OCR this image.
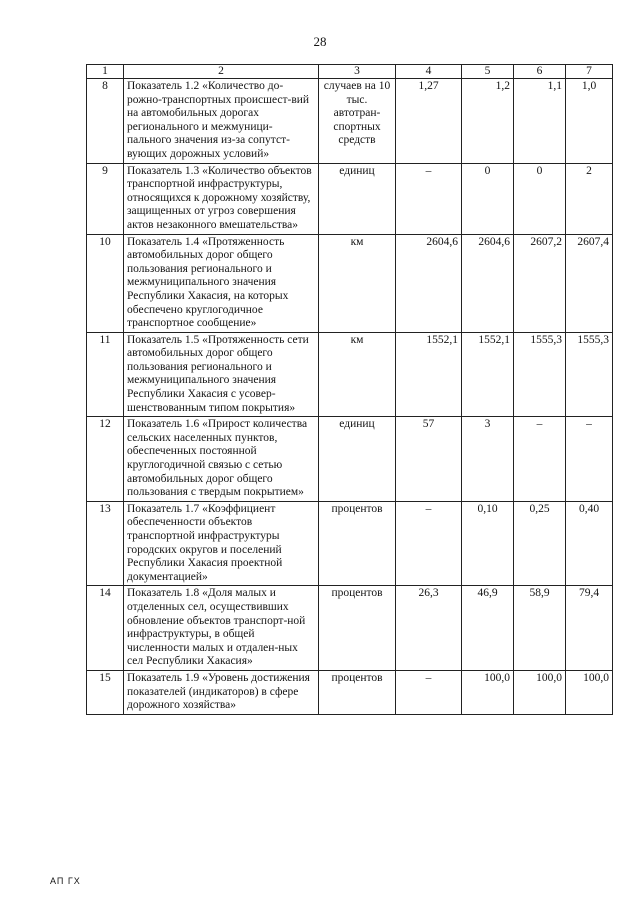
28
1	2	3	4	5	6	7
8	Показатель 1.2 «Количество до-рожно-транспортных происшест-вий на автомобильных дорогах регионального и межмуници-пального значения из-за сопутст-вующих дорожных условий»	случаев на 10 тыс. автотран-спортных средств	1,27	1,2	1,1	1,0
9	Показатель 1.3 «Количество объектов транспортной инфраструктуры, относящихся к дорожному хозяйству, защищенных от угроз совершения актов незаконного вмешательства»	единиц	–	0	0	2
10	Показатель 1.4 «Протяженность автомобильных дорог общего пользования регионального и межмуниципального значения Республики Хакасия, на которых обеспечено круглогодичное транспортное сообщение»	км	2604,6	2604,6	2607,2	2607,4
11	Показатель 1.5 «Протяженность сети автомобильных дорог общего пользования регионального и межмуниципального значения Республики Хакасия с усовер-шенствованным типом покрытия»	км	1552,1	1552,1	1555,3	1555,3
12	Показатель 1.6 «Прирост количества сельских населенных пунктов, обеспеченных постоянной круглогодичной связью с сетью автомобильных дорог общего пользования с твердым покрытием»	единиц	57	3	–	–
13	Показатель 1.7 «Коэффициент обеспеченности объектов транспортной инфраструктуры городских округов и поселений Республики Хакасия проектной документацией»	процентов	–	0,10	0,25	0,40
14	Показатель 1.8 «Доля малых и отделенных сел, осуществивших обновление объектов транспорт-ной инфраструктуры, в общей численности малых и отдален-ных сел Республики Хакасия»	процентов	26,3	46,9	58,9	79,4
15	Показатель 1.9 «Уровень достижения показателей (индикаторов) в сфере дорожного хозяйства»	процентов	–	100,0	100,0	100,0
АП ГХ
